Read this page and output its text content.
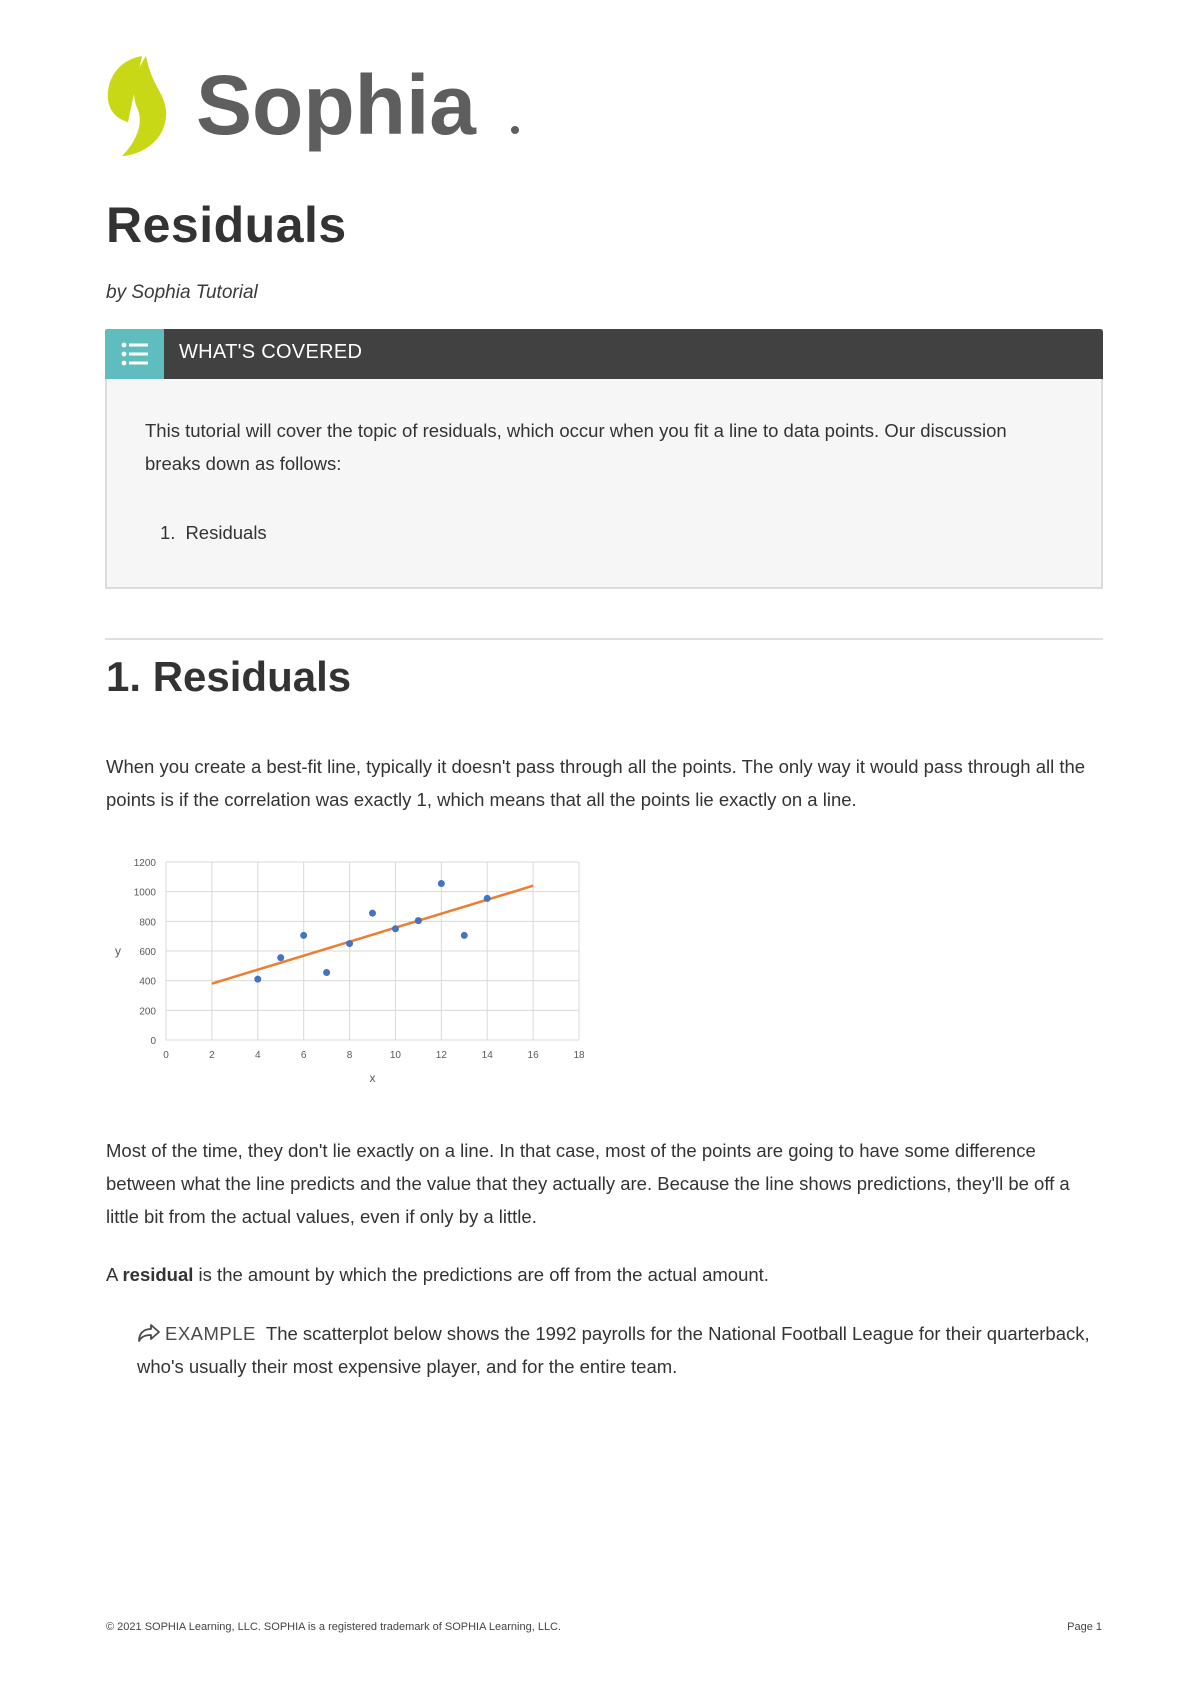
Sophia
Residuals

by Sophia Tutorial

WHAT'S COVERED

This tutorial will cover the topic of residuals, which occur when you fit a line to data points. Our discussion breaks down as follows:

1. Residuals
1. Residuals

When you create a best-fit line, typically it doesn't pass through all the points. The only way it would pass through all the points is if the correlation was exactly 1, which means that all the points lie exactly on a line.

0
200
400
600
800
1000
1200
0	2	4	6	8	10	12	14	16	18
x
y

Most of the time, they don't lie exactly on a line. In that case, most of the points are going to have some difference between what the line predicts and the value that they actually are. Because the line shows predictions, they'll be off a little bit from the actual values, even if only by a little.

A residual is the amount by which the predictions are off from the actual amount.

EXAMPLE The scatterplot below shows the 1992 payrolls for the National Football League for their quarterback, who's usually their most expensive player, and for the entire team.

© 2021 SOPHIA Learning, LLC. SOPHIA is a registered trademark of SOPHIA Learning, LLC.	Page 1
